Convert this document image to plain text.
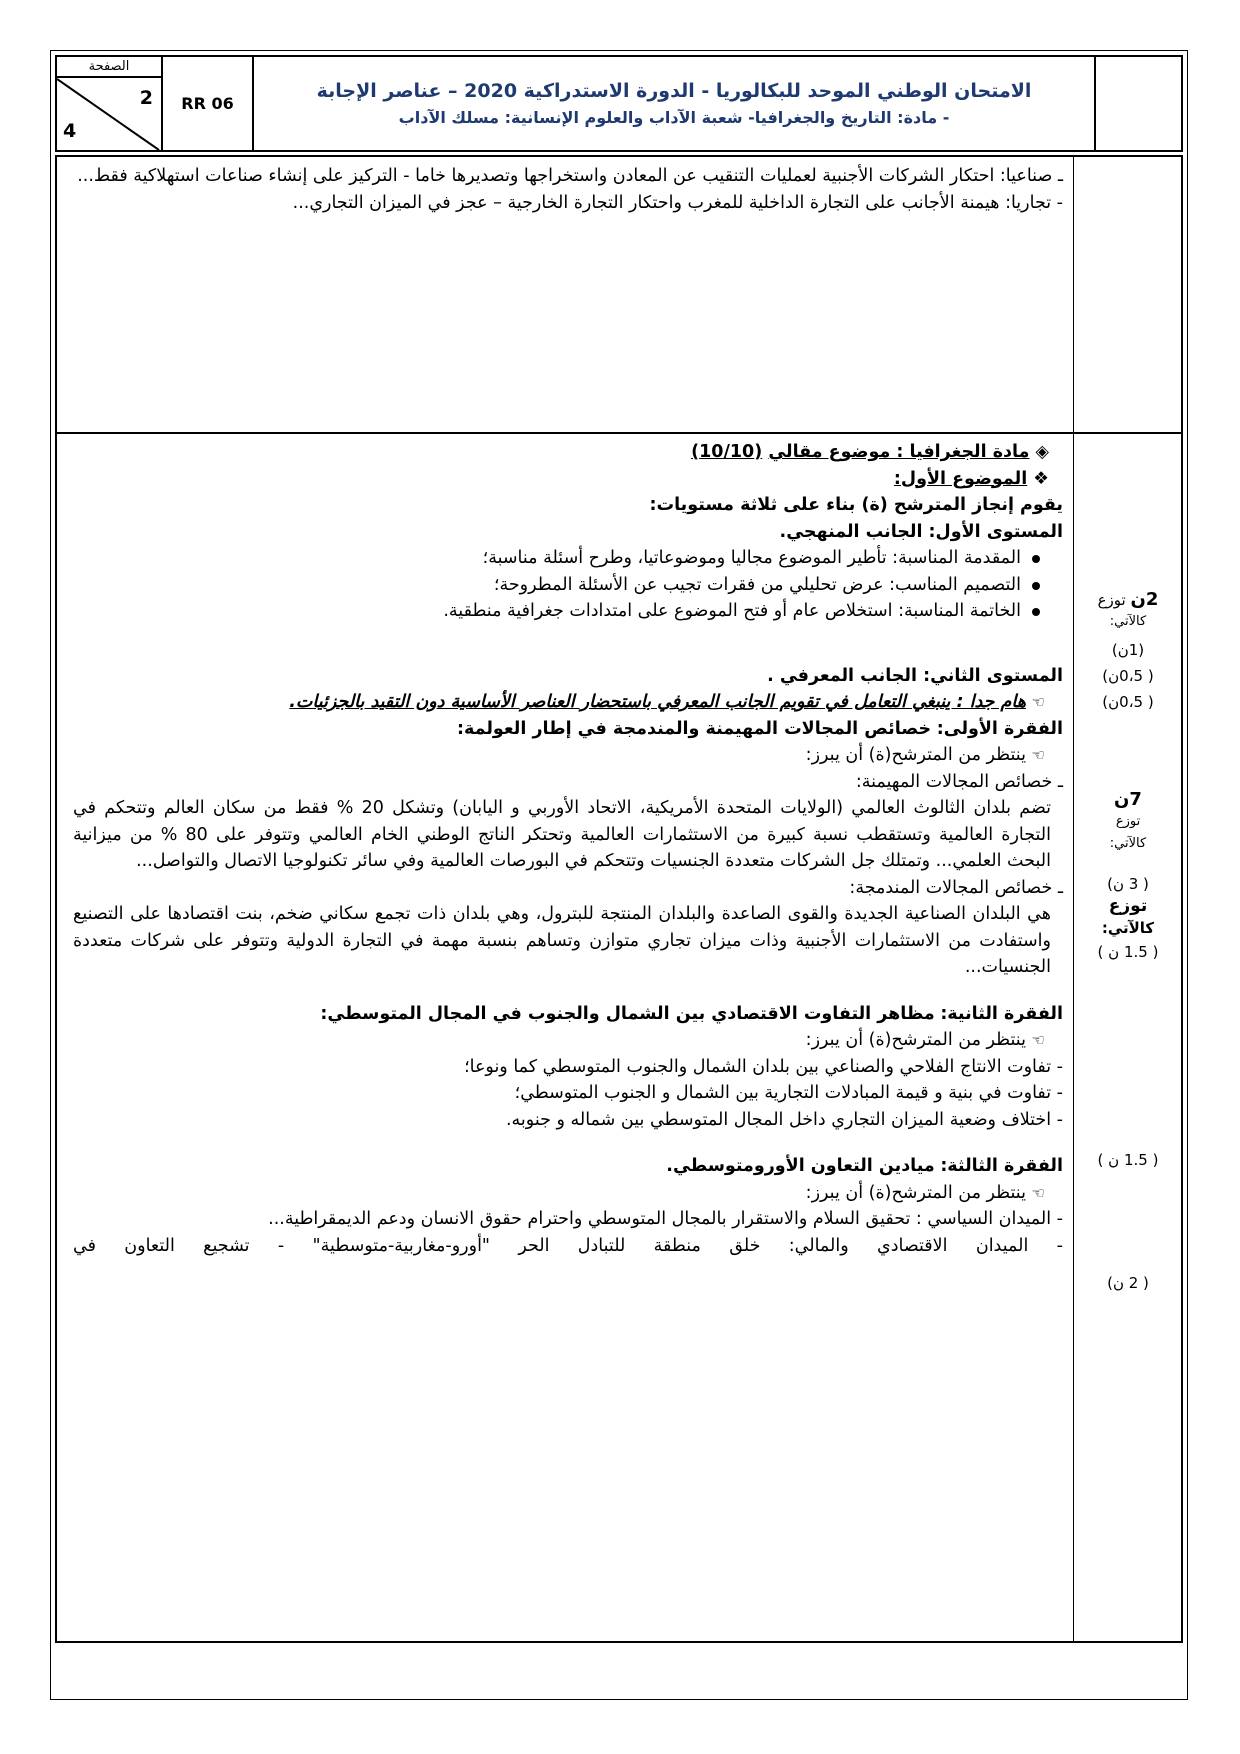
الصفحة
2
4
RR 06
الامتحان الوطني الموحد للبكالوريا - الدورة الاستدراكية 2020 – عناصر الإجابة
- مادة: التاريخ والجغرافيا- شعبة الآداب والعلوم الإنسانية: مسلك الآداب

ـ صناعيا: احتكار الشركات الأجنبية لعمليات التنقيب عن المعادن واستخراجها وتصديرها خاما - التركيز على إنشاء صناعات استهلاكية فقط...

- تجاريا: هيمنة الأجانب على التجارة الداخلية للمغرب واحتكار التجارة الخارجية – عجز في الميزان التجاري...

◈ مادة الجغرافيا : موضوع مقالي (10/10)
❖ الموضوع الأول:
يقوم إنجاز المترشح (ة) بناء على ثلاثة مستويات:
المستوى الأول: الجانب المنهجي.
المقدمة المناسبة: تأطير الموضوع مجاليا وموضوعاتيا، وطرح أسئلة مناسبة؛
التصميم المناسب: عرض تحليلي من فقرات تجيب عن الأسئلة المطروحة؛
الخاتمة المناسبة: استخلاص عام أو فتح الموضوع على امتدادات جغرافية منطقية.
المستوى الثاني: الجانب المعرفي .
☜ هام جدا : ينبغي التعامل في تقويم الجانب المعرفي باستحضار العناصر الأساسية دون التقيد بالجزئيات.
الفقرة الأولى: خصائص المجالات المهيمنة والمندمجة في إطار العولمة:
☜ ينتظر من المترشح(ة) أن يبرز:
ـ خصائص المجالات المهيمنة:
تضم بلدان الثالوث العالمي (الولايات المتحدة الأمريكية، الاتحاد الأوربي و اليابان) وتشكل 20 % فقط من سكان العالم وتتحكم في التجارة العالمية وتستقطب نسبة كبيرة من الاستثمارات العالمية وتحتكر الناتج الوطني الخام العالمي وتتوفر على 80 % من ميزانية البحث العلمي... وتمتلك جل الشركات متعددة الجنسيات وتتحكم في البورصات العالمية وفي سائر تكنولوجيا الاتصال والتواصل...
ـ خصائص المجالات المندمجة:
هي البلدان الصناعية الجديدة والقوى الصاعدة والبلدان المنتجة للبترول، وهي بلدان ذات تجمع سكاني ضخم، بنت اقتصادها على التصنيع واستفادت من الاستثمارات الأجنبية وذات ميزان تجاري متوازن وتساهم بنسبة مهمة في التجارة الدولية وتتوفر على شركات متعددة الجنسيات...
الفقرة الثانية: مظاهر التفاوت الاقتصادي بين الشمال والجنوب في المجال المتوسطي:
☜ ينتظر من المترشح(ة) أن يبرز:
- تفاوت الانتاج الفلاحي والصناعي بين بلدان الشمال والجنوب المتوسطي كما ونوعا؛
- تفاوت في بنية و قيمة المبادلات التجارية بين الشمال و الجنوب المتوسطي؛
- اختلاف وضعية الميزان التجاري داخل المجال المتوسطي بين شماله و جنوبه.
الفقرة الثالثة: ميادين التعاون الأورومتوسطي.
☜ ينتظر من المترشح(ة) أن يبرز:
- الميدان السياسي : تحقيق السلام والاستقرار بالمجال المتوسطي واحترام حقوق الانسان ودعم الديمقراطية...
- الميدان الاقتصادي والمالي: خلق منطقة للتبادل الحر "أورو-مغاربية-متوسطية" - تشجيع التعاون في
2ن توزع
كالآتي:
(1ن)
( 0،5ن)
( 0،5ن)
7ن
توزع
كالآتي:
( 3 ن)
توزع
كالآتي:
( 1.5 ن )
( 1.5 ن )
( 2 ن)
